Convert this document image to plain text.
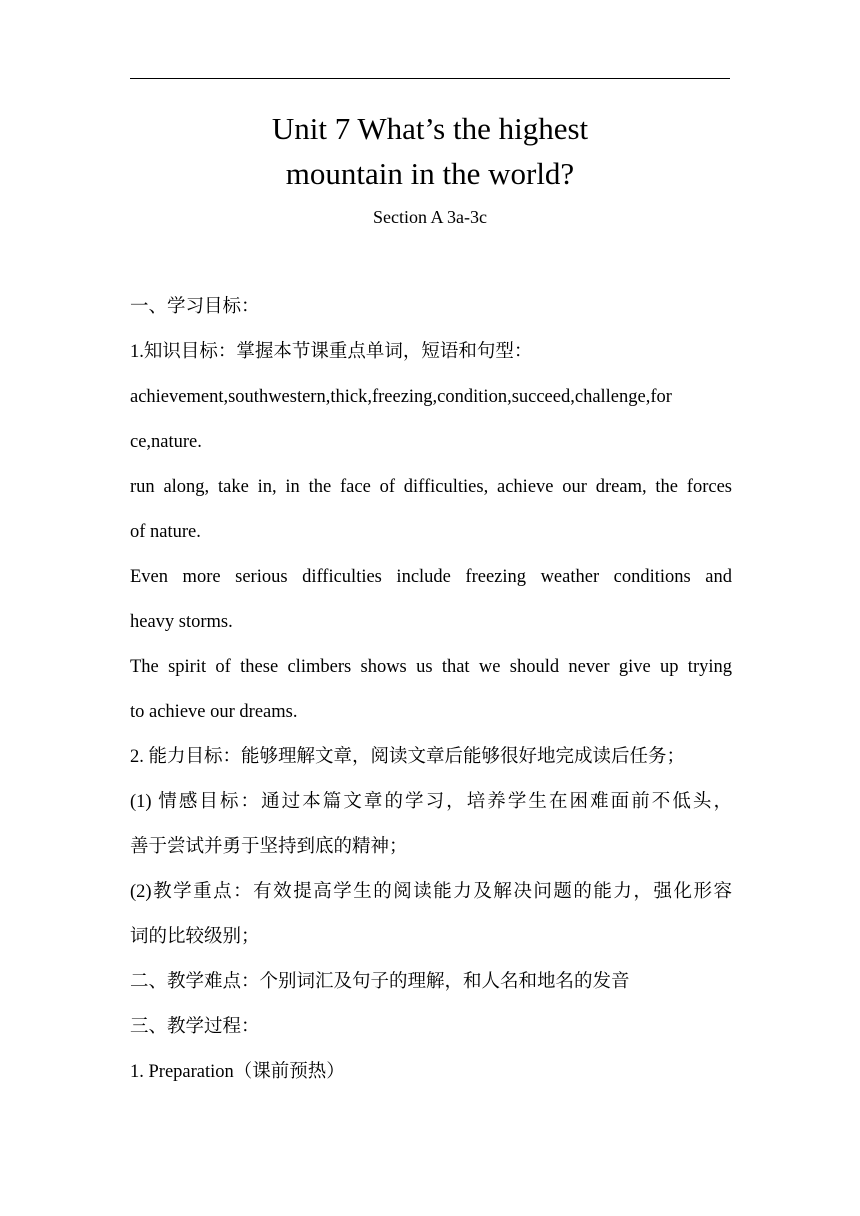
Unit 7 What’s the highest
mountain in the world?
Section A 3a-3c
一、学习目标：
1.知识目标：掌握本节课重点单词，短语和句型：
achievement,southwestern,thick,freezing,condition,succeed,challenge,for
ce,nature.
run along, take in, in the face of difficulties, achieve our dream, the forces
of nature.
Even more serious difficulties include freezing weather conditions and
heavy storms.
The spirit of these climbers shows us that we should never give up trying
to achieve our dreams.
2. 能力目标：能够理解文章，阅读文章后能够很好地完成读后任务；
(1) 情感目标：通过本篇文章的学习，培养学生在困难面前不低头，
善于尝试并勇于坚持到底的精神；
(2)教学重点：有效提高学生的阅读能力及解决问题的能力，强化形容
词的比较级别；
二、教学难点：个别词汇及句子的理解，和人名和地名的发音
三、教学过程：
1. Preparation（课前预热）
